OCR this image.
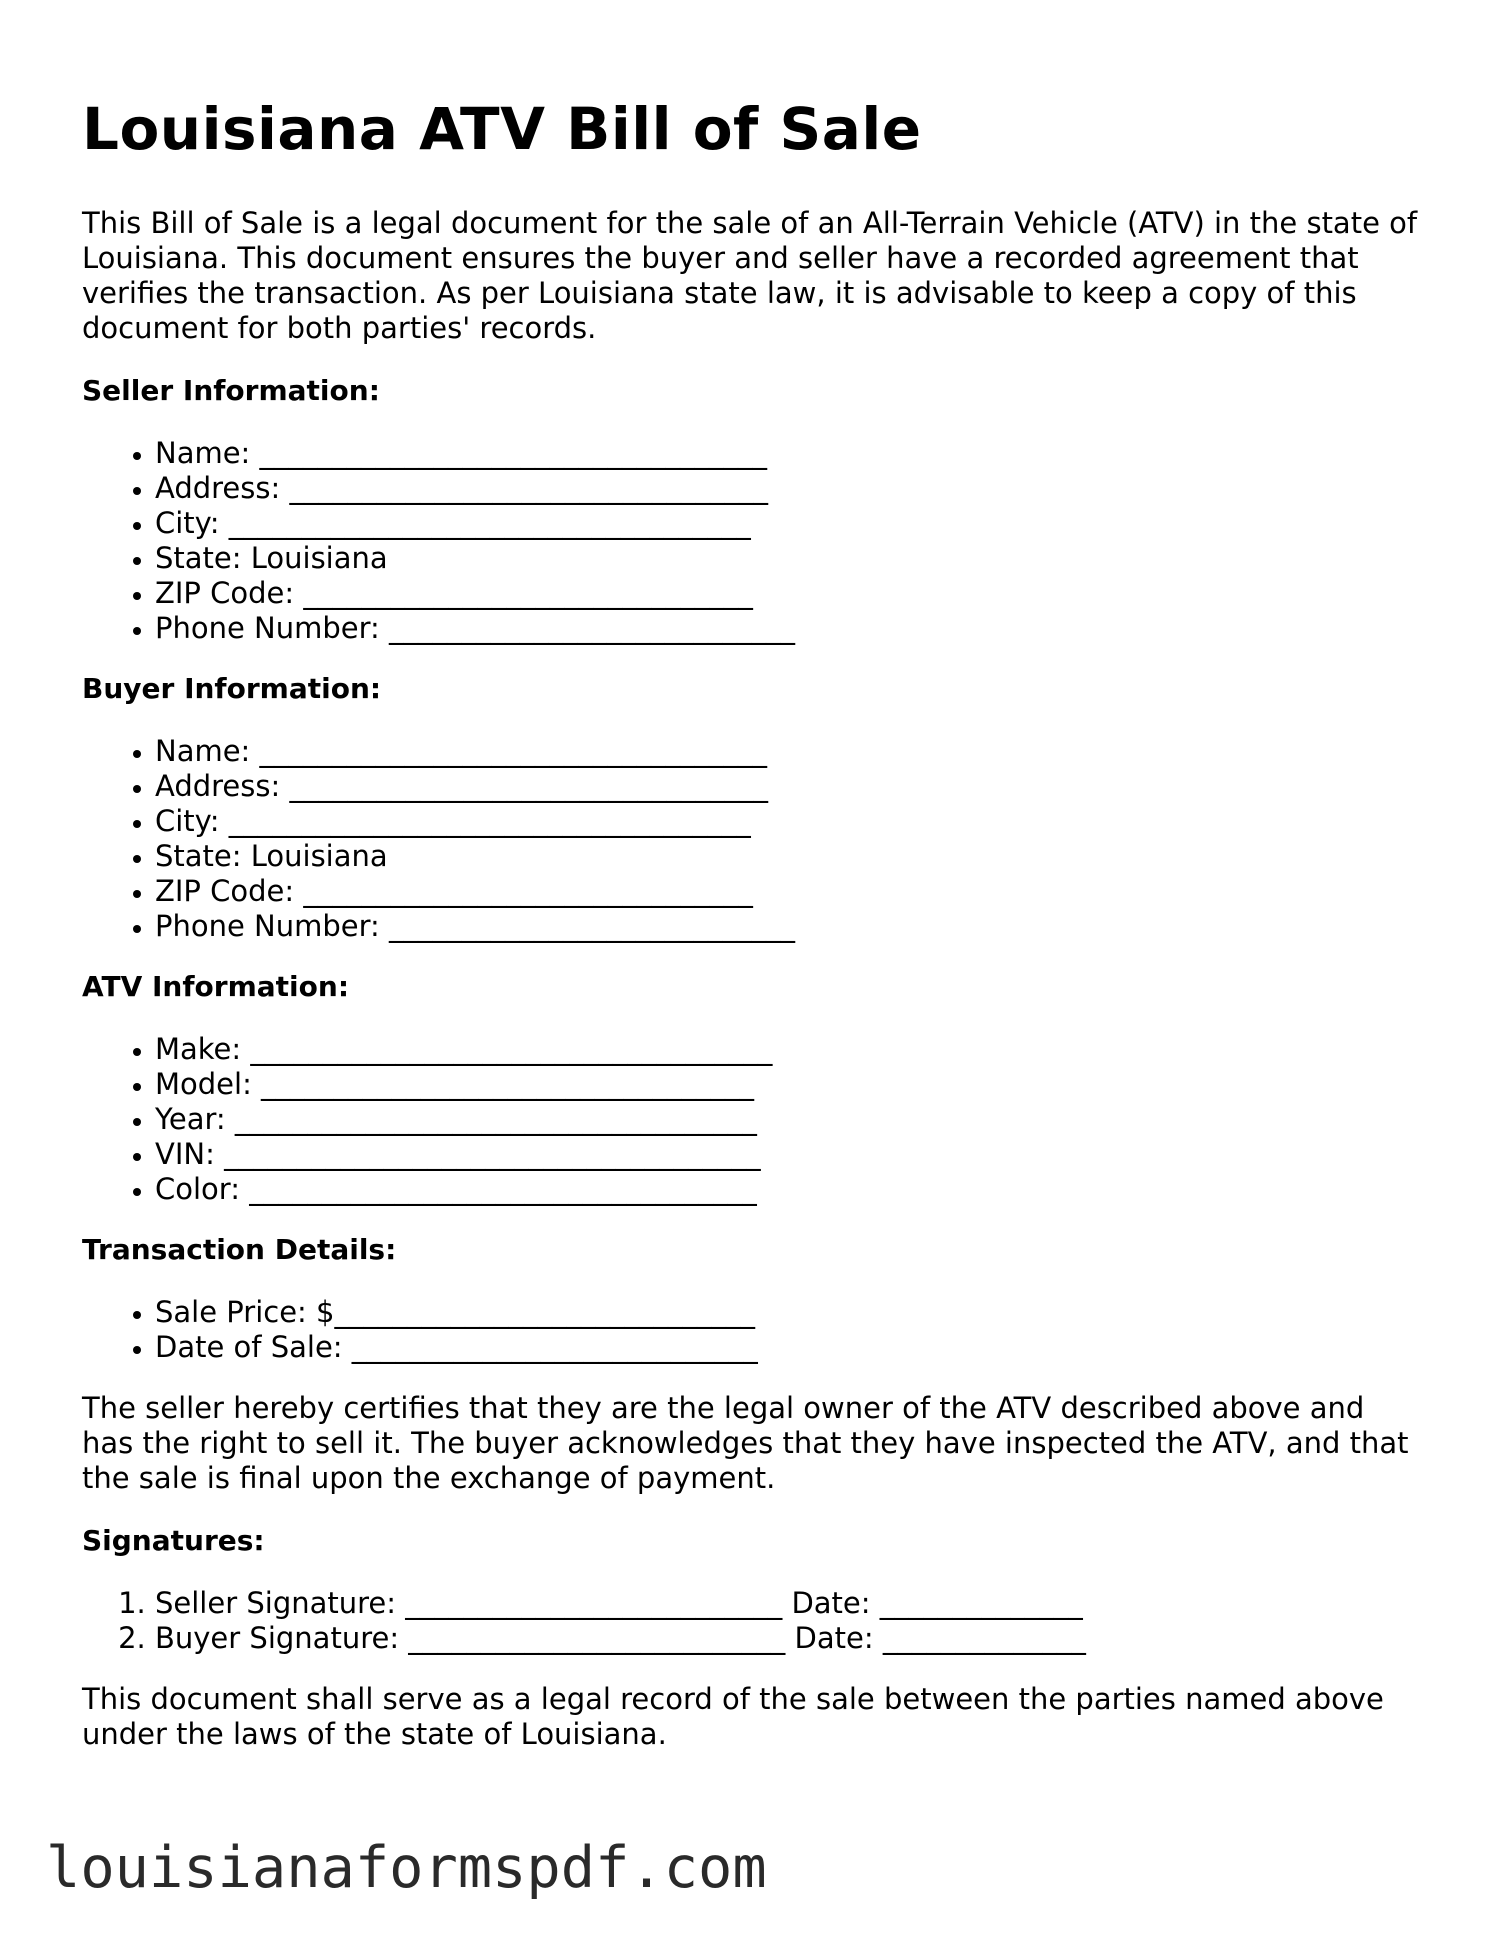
Louisiana ATV Bill of Sale

This Bill of Sale is a legal document for the sale of an All-Terrain Vehicle (ATV) in the state of Louisiana. This document ensures the buyer and seller have a recorded agreement that verifies the transaction. As per Louisiana state law, it is advisable to keep a copy of this document for both parties' records.

Seller Information:
• Name: ___________________________________
• Address: _________________________________
• City: ____________________________________
• State: Louisiana
• ZIP Code: _______________________________
• Phone Number: ____________________________
Buyer Information:
• Name: ___________________________________
• Address: _________________________________
• City: ____________________________________
• State: Louisiana
• ZIP Code: _______________________________
• Phone Number: ____________________________
ATV Information:
• Make: ____________________________________
• Model: __________________________________
• Year: ____________________________________
• VIN: _____________________________________
• Color: ___________________________________
Transaction Details:
• Sale Price: $_____________________________
• Date of Sale: ____________________________

The seller hereby certifies that they are the legal owner of the ATV described above and has the right to sell it. The buyer acknowledges that they have inspected the ATV, and that the sale is final upon the exchange of payment.

Signatures:
1. Seller Signature: __________________________ Date: ______________
2. Buyer Signature: __________________________ Date: ______________

This document shall serve as a legal record of the sale between the parties named above under the laws of the state of Louisiana.

louisianaformspdf.com
